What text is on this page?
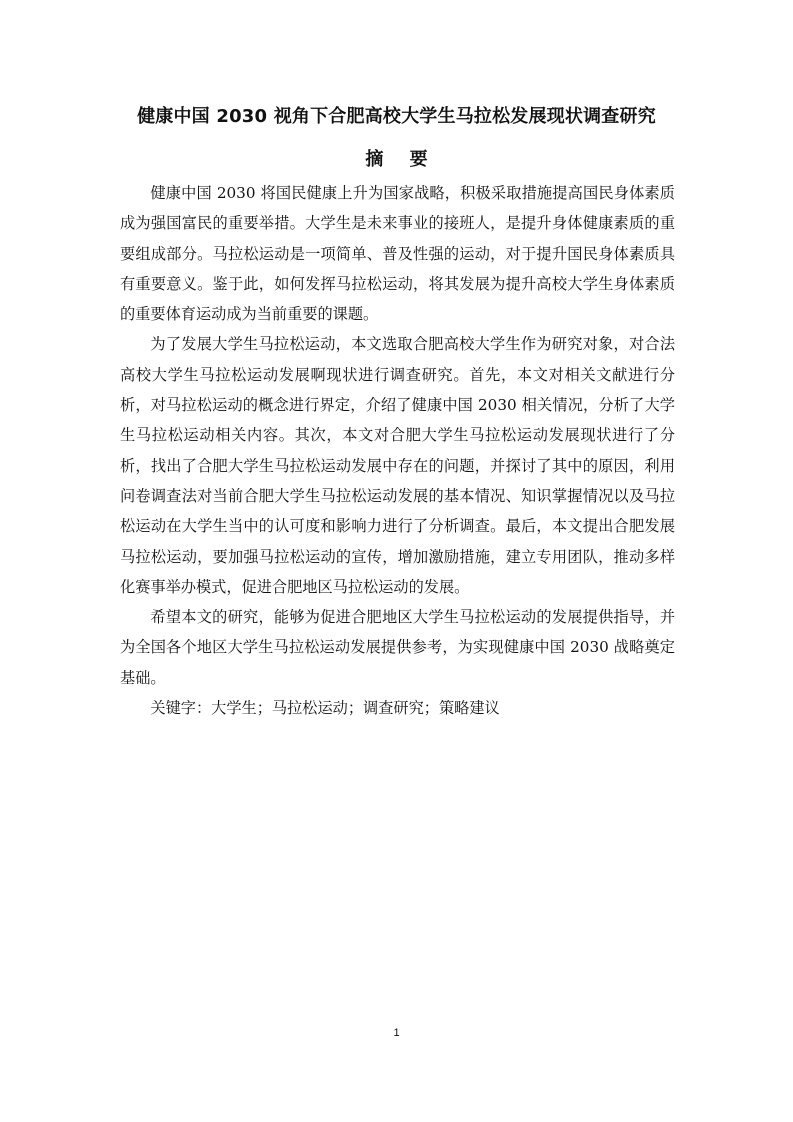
健康中国 2030 视角下合肥高校大学生马拉松发展现状调查研究
摘 要

健康中国 2030 将国民健康上升为国家战略，积极采取措施提高国民身体素质成为强国富民的重要举措。大学生是未来事业的接班人，是提升身体健康素质的重要组成部分。马拉松运动是一项简单、普及性强的运动，对于提升国民身体素质具有重要意义。鉴于此，如何发挥马拉松运动，将其发展为提升高校大学生身体素质的重要体育运动成为当前重要的课题。

为了发展大学生马拉松运动，本文选取合肥高校大学生作为研究对象，对合法高校大学生马拉松运动发展啊现状进行调查研究。首先，本文对相关文献进行分析，对马拉松运动的概念进行界定，介绍了健康中国 2030 相关情况，分析了大学生马拉松运动相关内容。其次，本文对合肥大学生马拉松运动发展现状进行了分析，找出了合肥大学生马拉松运动发展中存在的问题，并探讨了其中的原因，利用问卷调查法对当前合肥大学生马拉松运动发展的基本情况、知识掌握情况以及马拉松运动在大学生当中的认可度和影响力进行了分析调查。最后，本文提出合肥发展马拉松运动，要加强马拉松运动的宣传，增加激励措施，建立专用团队，推动多样化赛事举办模式，促进合肥地区马拉松运动的发展。

希望本文的研究，能够为促进合肥地区大学生马拉松运动的发展提供指导，并为全国各个地区大学生马拉松运动发展提供参考，为实现健康中国 2030 战略奠定基础。

关键字：大学生；马拉松运动；调查研究；策略建议

1
